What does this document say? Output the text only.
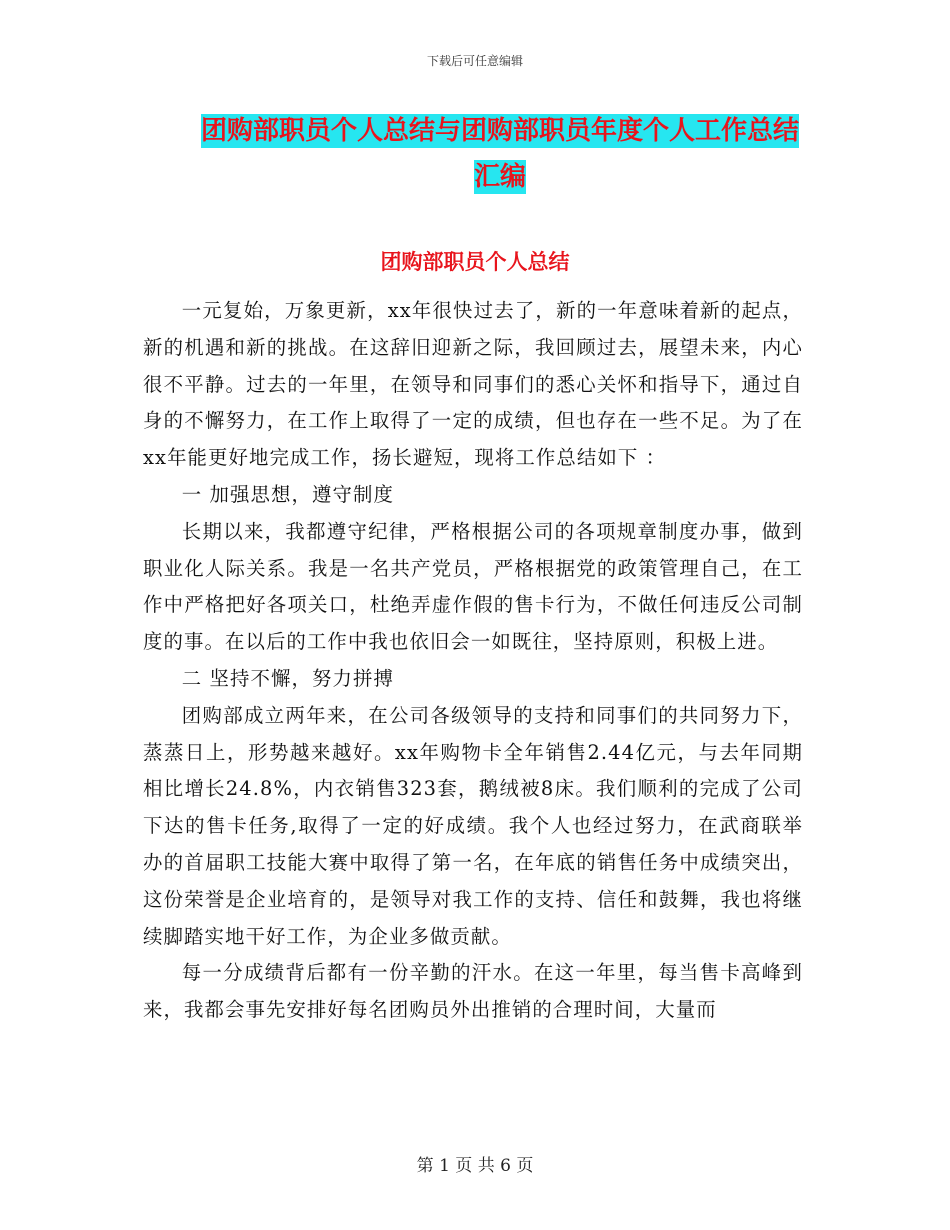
下载后可任意编辑
团购部职员个人总结与团购部职员年度个人工作总结
汇编
团购部职员个人总结

一元复始，万象更新，xx年很快过去了，新的一年意味着新的起点，新的机遇和新的挑战。在这辞旧迎新之际，我回顾过去，展望未来，内心很不平静。过去的一年里，在领导和同事们的悉心关怀和指导下，通过自身的不懈努力，在工作上取得了一定的成绩，但也存在一些不足。为了在xx年能更好地完成工作，扬长避短，现将工作总结如下 ：

一 加强思想，遵守制度

长期以来，我都遵守纪律，严格根据公司的各项规章制度办事，做到职业化人际关系。我是一名共产党员，严格根据党的政策管理自己，在工作中严格把好各项关口，杜绝弄虚作假的售卡行为，不做任何违反公司制度的事。在以后的工作中我也依旧会一如既往，坚持原则，积极上进。

二 坚持不懈，努力拼搏

团购部成立两年来，在公司各级领导的支持和同事们的共同努力下，蒸蒸日上，形势越来越好。xx年购物卡全年销售2.44亿元，与去年同期相比增长24.8%，内衣销售323套，鹅绒被8床。我们顺利的完成了公司下达的售卡任务,取得了一定的好成绩。我个人也经过努力，在武商联举办的首届职工技能大赛中取得了第一名，在年底的销售任务中成绩突出，这份荣誉是企业培育的，是领导对我工作的支持、信任和鼓舞，我也将继续脚踏实地干好工作，为企业多做贡献。

每一分成绩背后都有一份辛勤的汗水。在这一年里，每当售卡高峰到来，我都会事先安排好每名团购员外出推销的合理时间，大量而

第 1 页 共 6 页
